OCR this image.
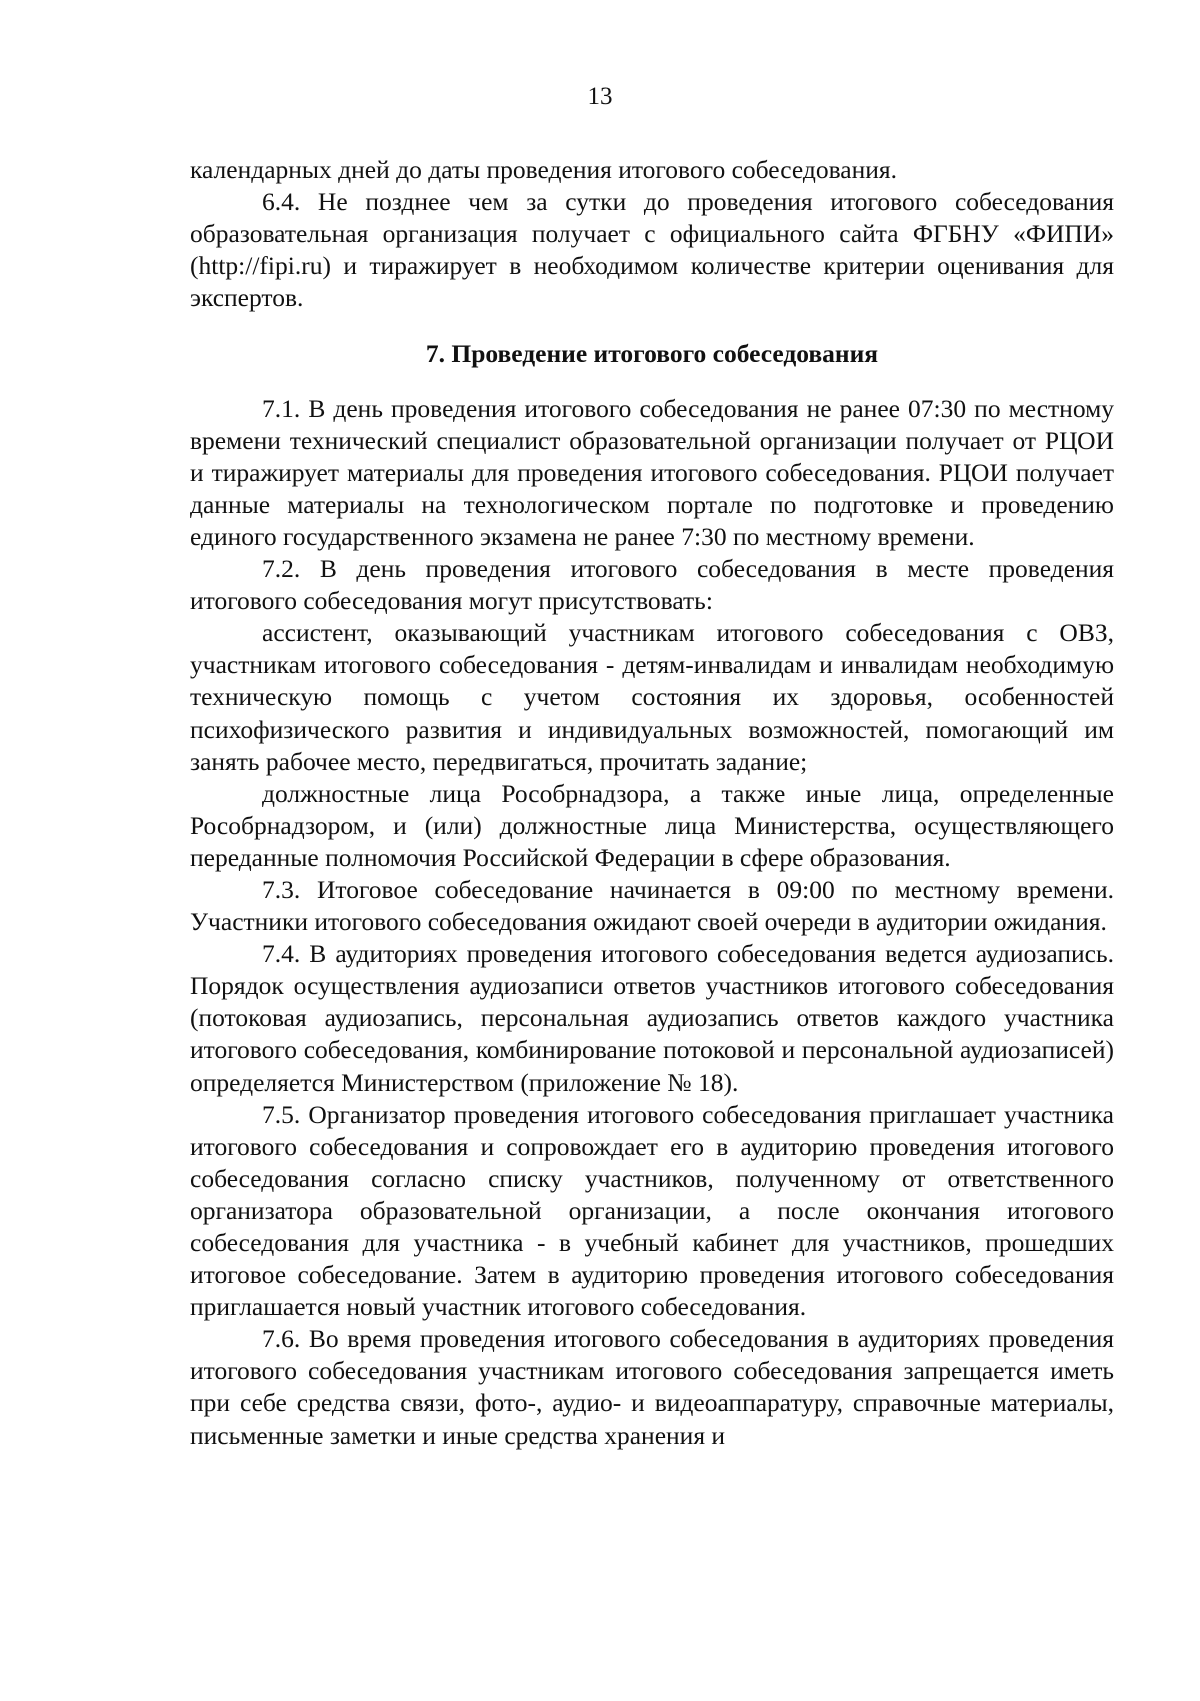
13

календарных дней до даты проведения итогового собеседования.

6.4. Не позднее чем за сутки до проведения итогового собеседования образовательная организация получает с официального сайта ФГБНУ «ФИПИ» (http://fipi.ru) и тиражирует в необходимом количестве критерии оценивания для экспертов.

7. Проведение итогового собеседования

7.1. В день проведения итогового собеседования не ранее 07:30 по местному времени технический специалист образовательной организации получает от РЦОИ и тиражирует материалы для проведения итогового собеседования. РЦОИ получает данные материалы на технологическом портале по подготовке и проведению единого государственного экзамена не ранее 7:30 по местному времени.

7.2. В день проведения итогового собеседования в месте проведения итогового собеседования могут присутствовать:

ассистент, оказывающий участникам итогового собеседования с ОВЗ, участникам итогового собеседования - детям-инвалидам и инвалидам необходимую техническую помощь с учетом состояния их здоровья, особенностей психофизического развития и индивидуальных возможностей, помогающий им занять рабочее место, передвигаться, прочитать задание;

должностные лица Рособрнадзора, а также иные лица, определенные Рособрнадзором, и (или) должностные лица Министерства, осуществляющего переданные полномочия Российской Федерации в сфере образования.

7.3. Итоговое собеседование начинается в 09:00 по местному времени. Участники итогового собеседования ожидают своей очереди в аудитории ожидания.

7.4. В аудиториях проведения итогового собеседования ведется аудиозапись. Порядок осуществления аудиозаписи ответов участников итогового собеседования (потоковая аудиозапись, персональная аудиозапись ответов каждого участника итогового собеседования, комбинирование потоковой и персональной аудиозаписей) определяется Министерством (приложение № 18).

7.5. Организатор проведения итогового собеседования приглашает участника итогового собеседования и сопровождает его в аудиторию проведения итогового собеседования согласно списку участников, полученному от ответственного организатора образовательной организации, а после окончания итогового собеседования для участника - в учебный кабинет для участников, прошедших итоговое собеседование. Затем в аудиторию проведения итогового собеседования приглашается новый участник итогового собеседования.

7.6. Во время проведения итогового собеседования в аудиториях проведения итогового собеседования участникам итогового собеседования запрещается иметь при себе средства связи, фото-, аудио- и видеоаппаратуру, справочные материалы, письменные заметки и иные средства хранения и
